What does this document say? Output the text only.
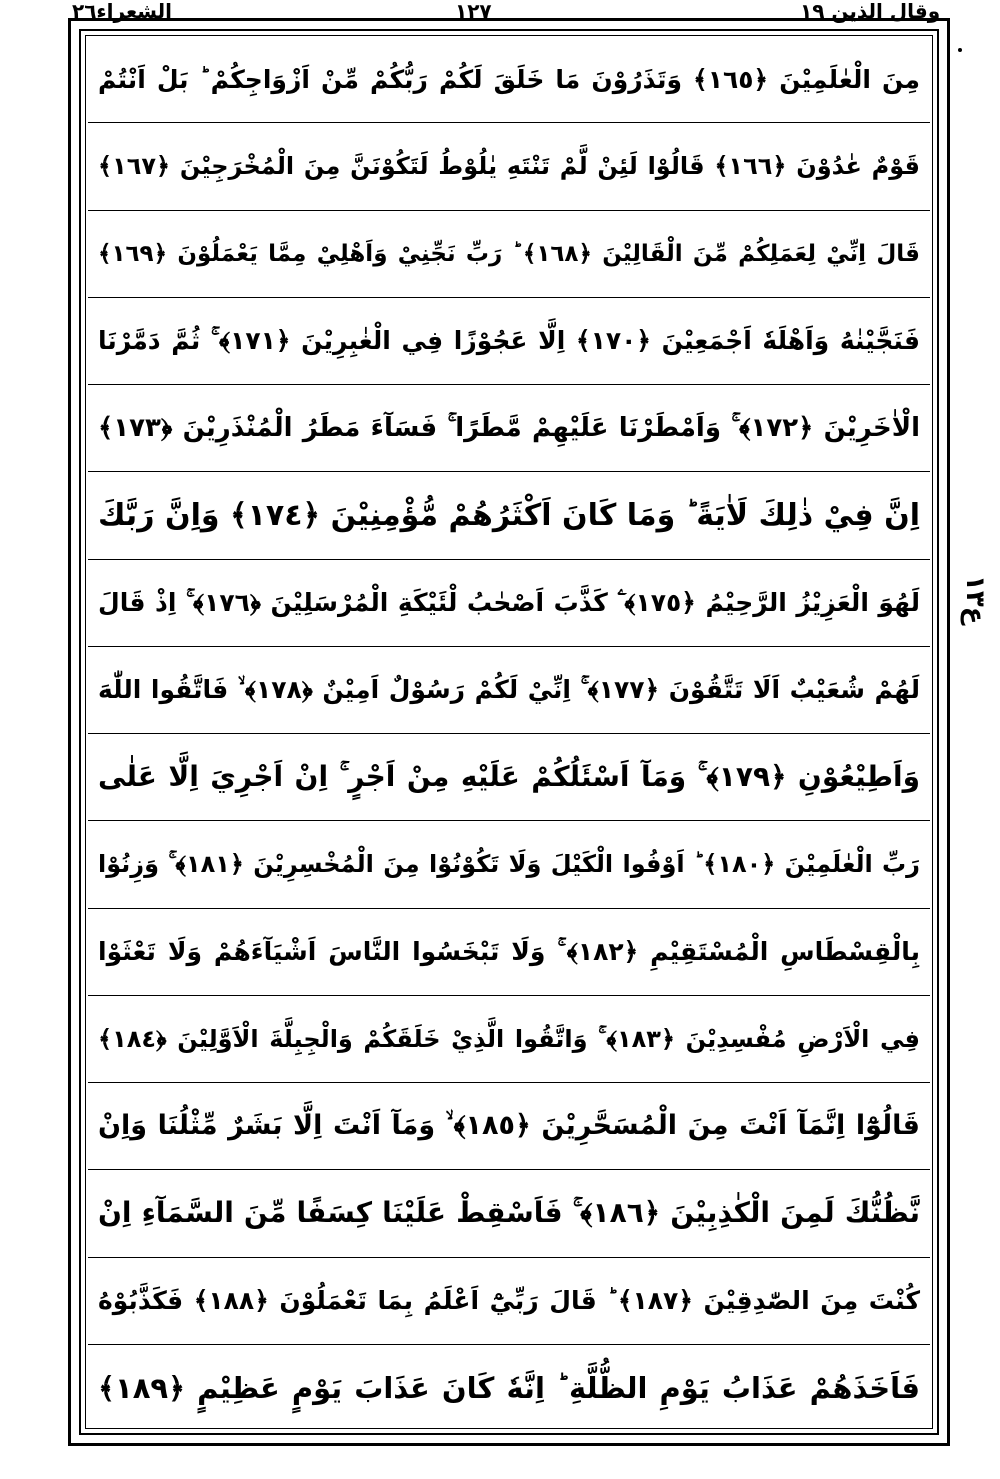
وقال الذين ١٩
١٢٧
الشعراء٢٦
مِنَ الْعٰلَمِيْنَ ﴿١٦٥﴾ وَتَذَرُوْنَ مَا خَلَقَ لَكُمْ رَبُّكُمْ مِّنْ اَزْوَاجِكُمْ ؕ بَلْ اَنْتُمْ
قَوْمٌ عٰدُوْنَ ﴿١٦٦﴾ قَالُوْا لَئِنْ لَّمْ تَنْتَهِ يٰلُوْطُ لَتَكُوْنَنَّ مِنَ الْمُخْرَجِيْنَ ﴿١٦٧﴾
قَالَ اِنِّيْ لِعَمَلِكُمْ مِّنَ الْقَالِيْنَ ﴿١٦٨﴾ ؕ رَبِّ نَجِّنِيْ وَاَهْلِيْ مِمَّا يَعْمَلُوْنَ ﴿١٦٩﴾
فَنَجَّيْنٰهُ وَاَهْلَهٗ اَجْمَعِيْنَ ﴿١٧٠﴾ اِلَّا عَجُوْزًا فِي الْغٰبِرِيْنَ ﴿١٧١﴾ ۚ ثُمَّ دَمَّرْنَا
الْاٰخَرِيْنَ ﴿١٧٢﴾ ۚ وَاَمْطَرْنَا عَلَيْهِمْ مَّطَرًا ۚ فَسَآءَ مَطَرُ الْمُنْذَرِيْنَ ﴿١٧٣﴾
اِنَّ فِيْ ذٰلِكَ لَاٰيَةً ؕ وَمَا كَانَ اَكْثَرُهُمْ مُّؤْمِنِيْنَ ﴿١٧٤﴾ وَاِنَّ رَبَّكَ
لَهُوَ الْعَزِيْزُ الرَّحِيْمُ ﴿١٧٥﴾ ۧ كَذَّبَ اَصْحٰبُ لْئَيْكَةِ الْمُرْسَلِيْنَ ﴿١٧٦﴾ ۚ اِذْ قَالَ
لَهُمْ شُعَيْبٌ اَلَا تَتَّقُوْنَ ﴿١٧٧﴾ ۚ اِنِّيْ لَكُمْ رَسُوْلٌ اَمِيْنٌ ﴿١٧٨﴾ ۙ فَاتَّقُوا اللّٰهَ
وَاَطِيْعُوْنِ ﴿١٧٩﴾ ۚ وَمَآ اَسْئَلُكُمْ عَلَيْهِ مِنْ اَجْرٍ ۚ اِنْ اَجْرِيَ اِلَّا عَلٰى
رَبِّ الْعٰلَمِيْنَ ﴿١٨٠﴾ ؕ اَوْفُوا الْكَيْلَ وَلَا تَكُوْنُوْا مِنَ الْمُخْسِرِيْنَ ﴿١٨١﴾ ۚ وَزِنُوْا
بِالْقِسْطَاسِ الْمُسْتَقِيْمِ ﴿١٨٢﴾ ۚ وَلَا تَبْخَسُوا النَّاسَ اَشْيَآءَهُمْ وَلَا تَعْثَوْا
فِي الْاَرْضِ مُفْسِدِيْنَ ﴿١٨٣﴾ ۚ وَاتَّقُوا الَّذِيْ خَلَقَكُمْ وَالْجِبِلَّةَ الْاَوَّلِيْنَ ﴿١٨٤﴾
قَالُوْٓا اِنَّمَآ اَنْتَ مِنَ الْمُسَحَّرِيْنَ ﴿١٨٥﴾ ۙ وَمَآ اَنْتَ اِلَّا بَشَرٌ مِّثْلُنَا وَاِنْ
نَّظُنُّكَ لَمِنَ الْكٰذِبِيْنَ ﴿١٨٦﴾ ۚ فَاَسْقِطْ عَلَيْنَا كِسَفًا مِّنَ السَّمَآءِ اِنْ
كُنْتَ مِنَ الصّٰدِقِيْنَ ﴿١٨٧﴾ ؕ قَالَ رَبِّيْٓ اَعْلَمُ بِمَا تَعْمَلُوْنَ ﴿١٨٨﴾ فَكَذَّبُوْهُ
فَاَخَذَهُمْ عَذَابُ يَوْمِ الظُّلَّةِ ؕ اِنَّهٗ كَانَ عَذَابَ يَوْمٍ عَظِيْمٍ ﴿١٨٩﴾
ع١٣
